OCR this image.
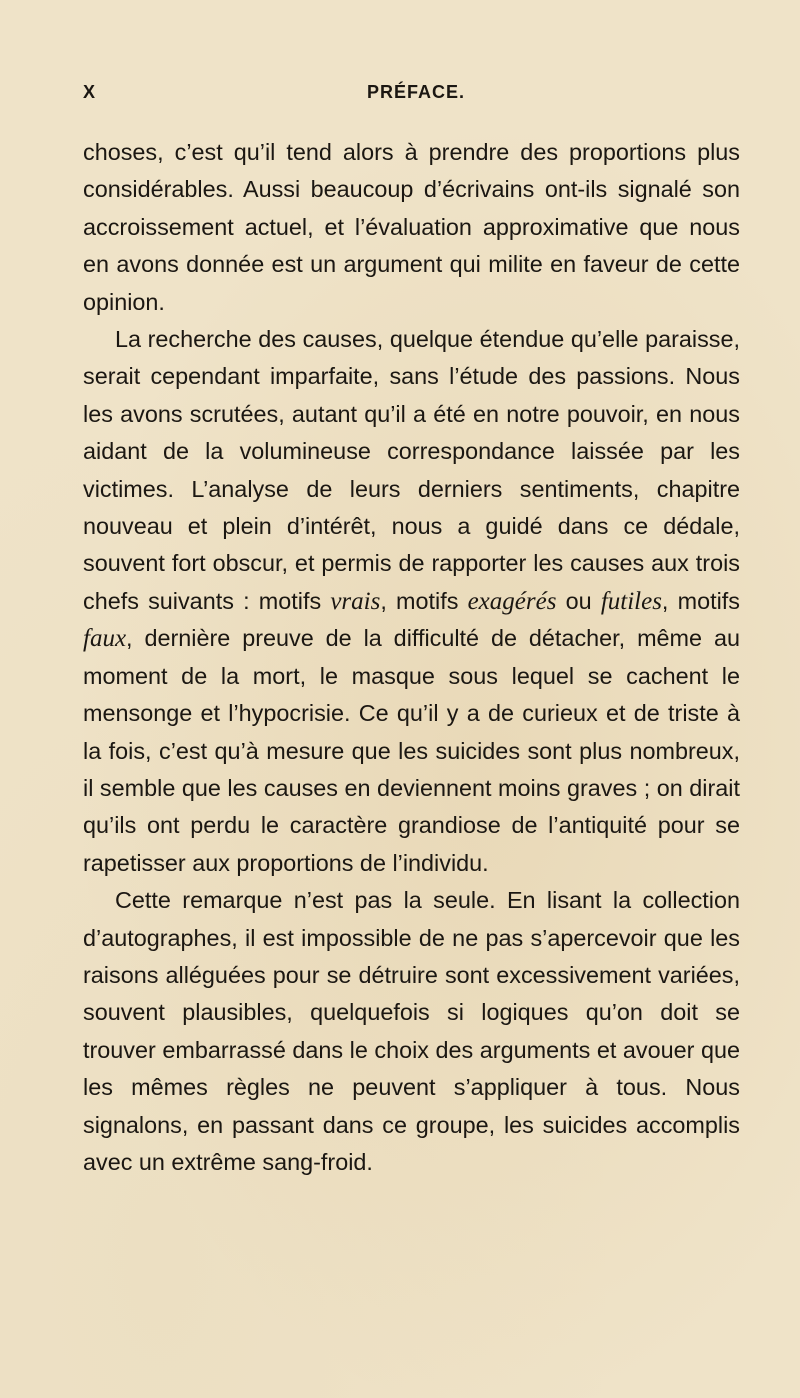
X	PRÉFACE.

choses, c’est qu’il tend alors à prendre des proportions plus considérables. Aussi beaucoup d’écrivains ont-ils signalé son accroissement actuel, et l’évaluation approximative que nous en avons donnée est un argument qui milite en faveur de cette opinion.

La recherche des causes, quelque étendue qu’elle paraisse, serait cependant imparfaite, sans l’étude des passions. Nous les avons scrutées, autant qu’il a été en notre pouvoir, en nous aidant de la volumineuse correspondance laissée par les victimes. L’analyse de leurs derniers sentiments, chapitre nouveau et plein d’intérêt, nous a guidé dans ce dédale, souvent fort obscur, et permis de rapporter les causes aux trois chefs suivants : motifs vrais, motifs exagérés ou futiles, motifs faux, dernière preuve de la difficulté de détacher, même au moment de la mort, le masque sous lequel se cachent le mensonge et l’hypocrisie. Ce qu’il y a de curieux et de triste à la fois, c’est qu’à mesure que les suicides sont plus nombreux, il semble que les causes en deviennent moins graves ; on dirait qu’ils ont perdu le caractère grandiose de l’antiquité pour se rapetisser aux proportions de l’individu.

Cette remarque n’est pas la seule. En lisant la collection d’autographes, il est impossible de ne pas s’apercevoir que les raisons alléguées pour se détruire sont excessivement variées, souvent plausibles, quelquefois si logiques qu’on doit se trouver embarrassé dans le choix des arguments et avouer que les mêmes règles ne peuvent s’appliquer à tous. Nous signalons, en passant dans ce groupe, les suicides accomplis avec un extrême sang-froid.
